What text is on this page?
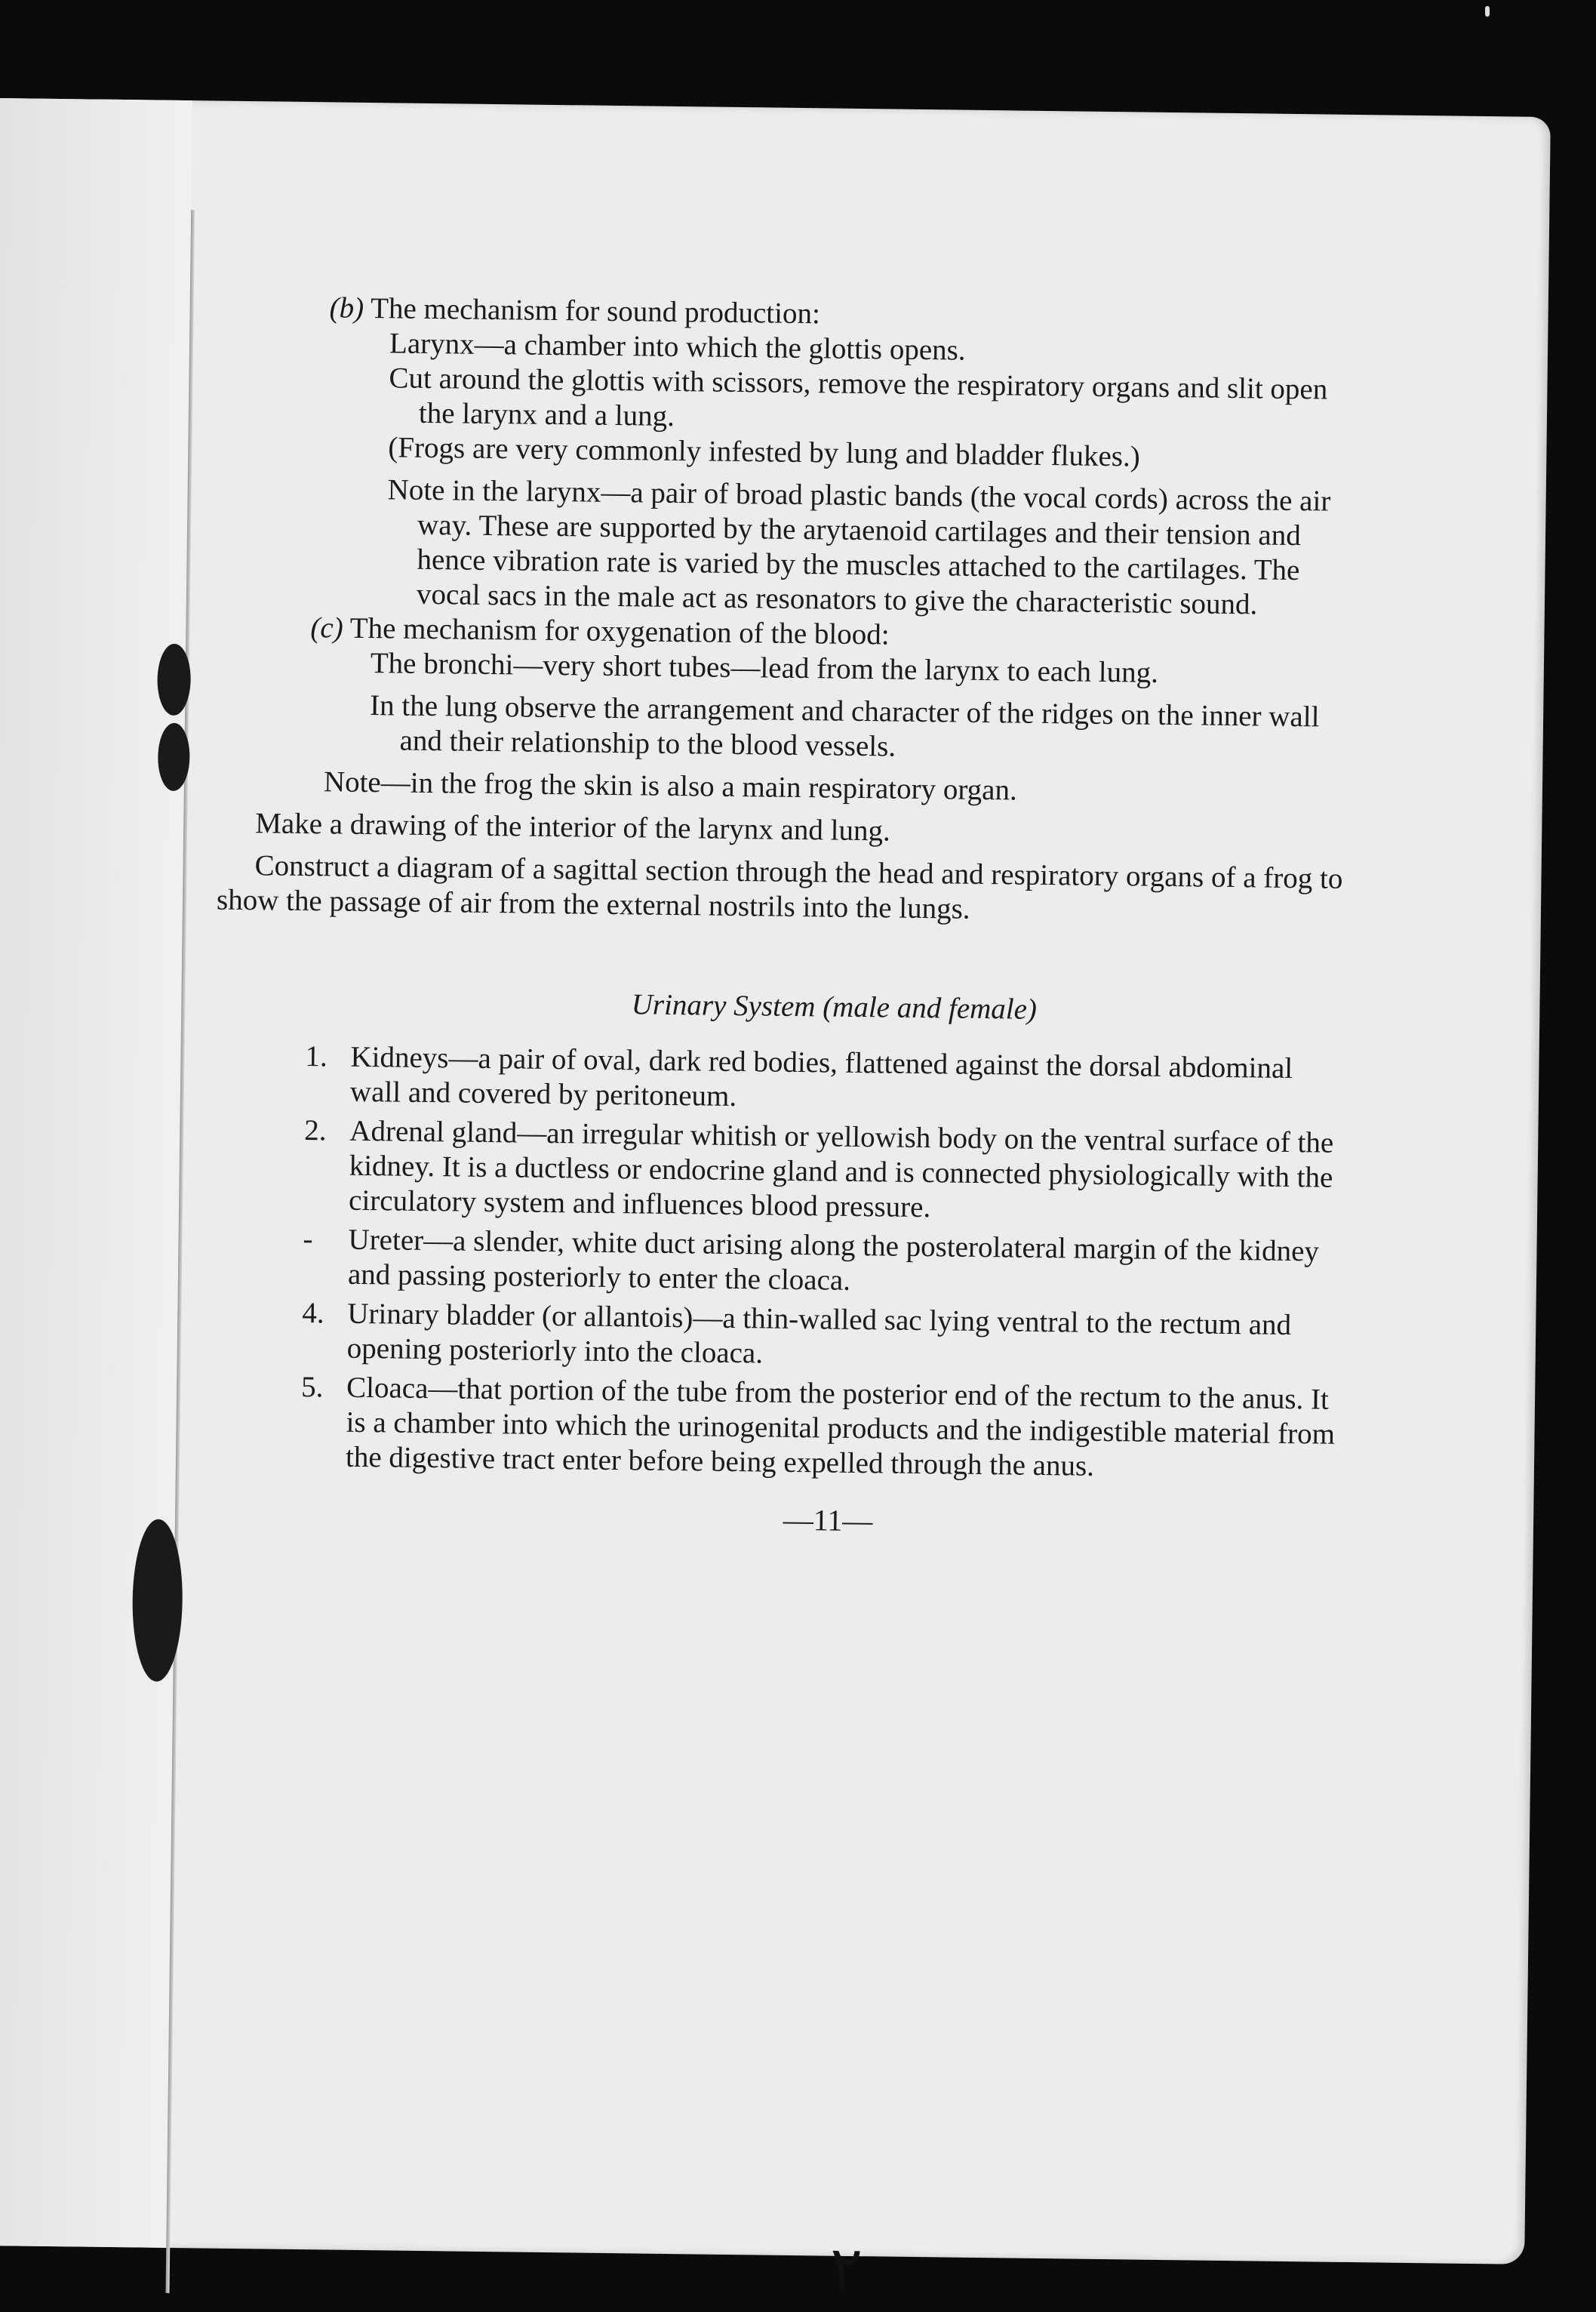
(b) The mechanism for sound production:

Larynx—a chamber into which the glottis opens.

Cut around the glottis with scissors, remove the respiratory organs and slit open the larynx and a lung.

(Frogs are very commonly infested by lung and bladder flukes.)

Note in the larynx—a pair of broad plastic bands (the vocal cords) across the air way. These are supported by the arytaenoid cartilages and their tension and hence vibration rate is varied by the muscles attached to the cartilages. The vocal sacs in the male act as resonators to give the characteristic sound.

(c) The mechanism for oxygenation of the blood:

The bronchi—very short tubes—lead from the larynx to each lung.

In the lung observe the arrangement and character of the ridges on the inner wall and their relationship to the blood vessels.

Note—in the frog the skin is also a main respiratory organ.

Make a drawing of the interior of the larynx and lung.

Construct a diagram of a sagittal section through the head and respiratory organs of a frog to show the passage of air from the external nostrils into the lungs.

Urinary System (male and female)

1. Kidneys—a pair of oval, dark red bodies, flattened against the dorsal abdominal wall and covered by peritoneum.
2. Adrenal gland—an irregular whitish or yellowish body on the ventral surface of the kidney. It is a ductless or endocrine gland and is connected physiologically with the circulatory system and influences blood pressure.
-	Ureter—a slender, white duct arising along the posterolateral margin of the kidney and passing posteriorly to enter the cloaca.
4. Urinary bladder (or allantois)—a thin-walled sac lying ventral to the rectum and opening posteriorly into the cloaca.
5. Cloaca—that portion of the tube from the posterior end of the rectum to the anus. It is a chamber into which the urinogenital products and the indigestible material from the digestive tract enter before being expelled through the anus.

—11—

٢
